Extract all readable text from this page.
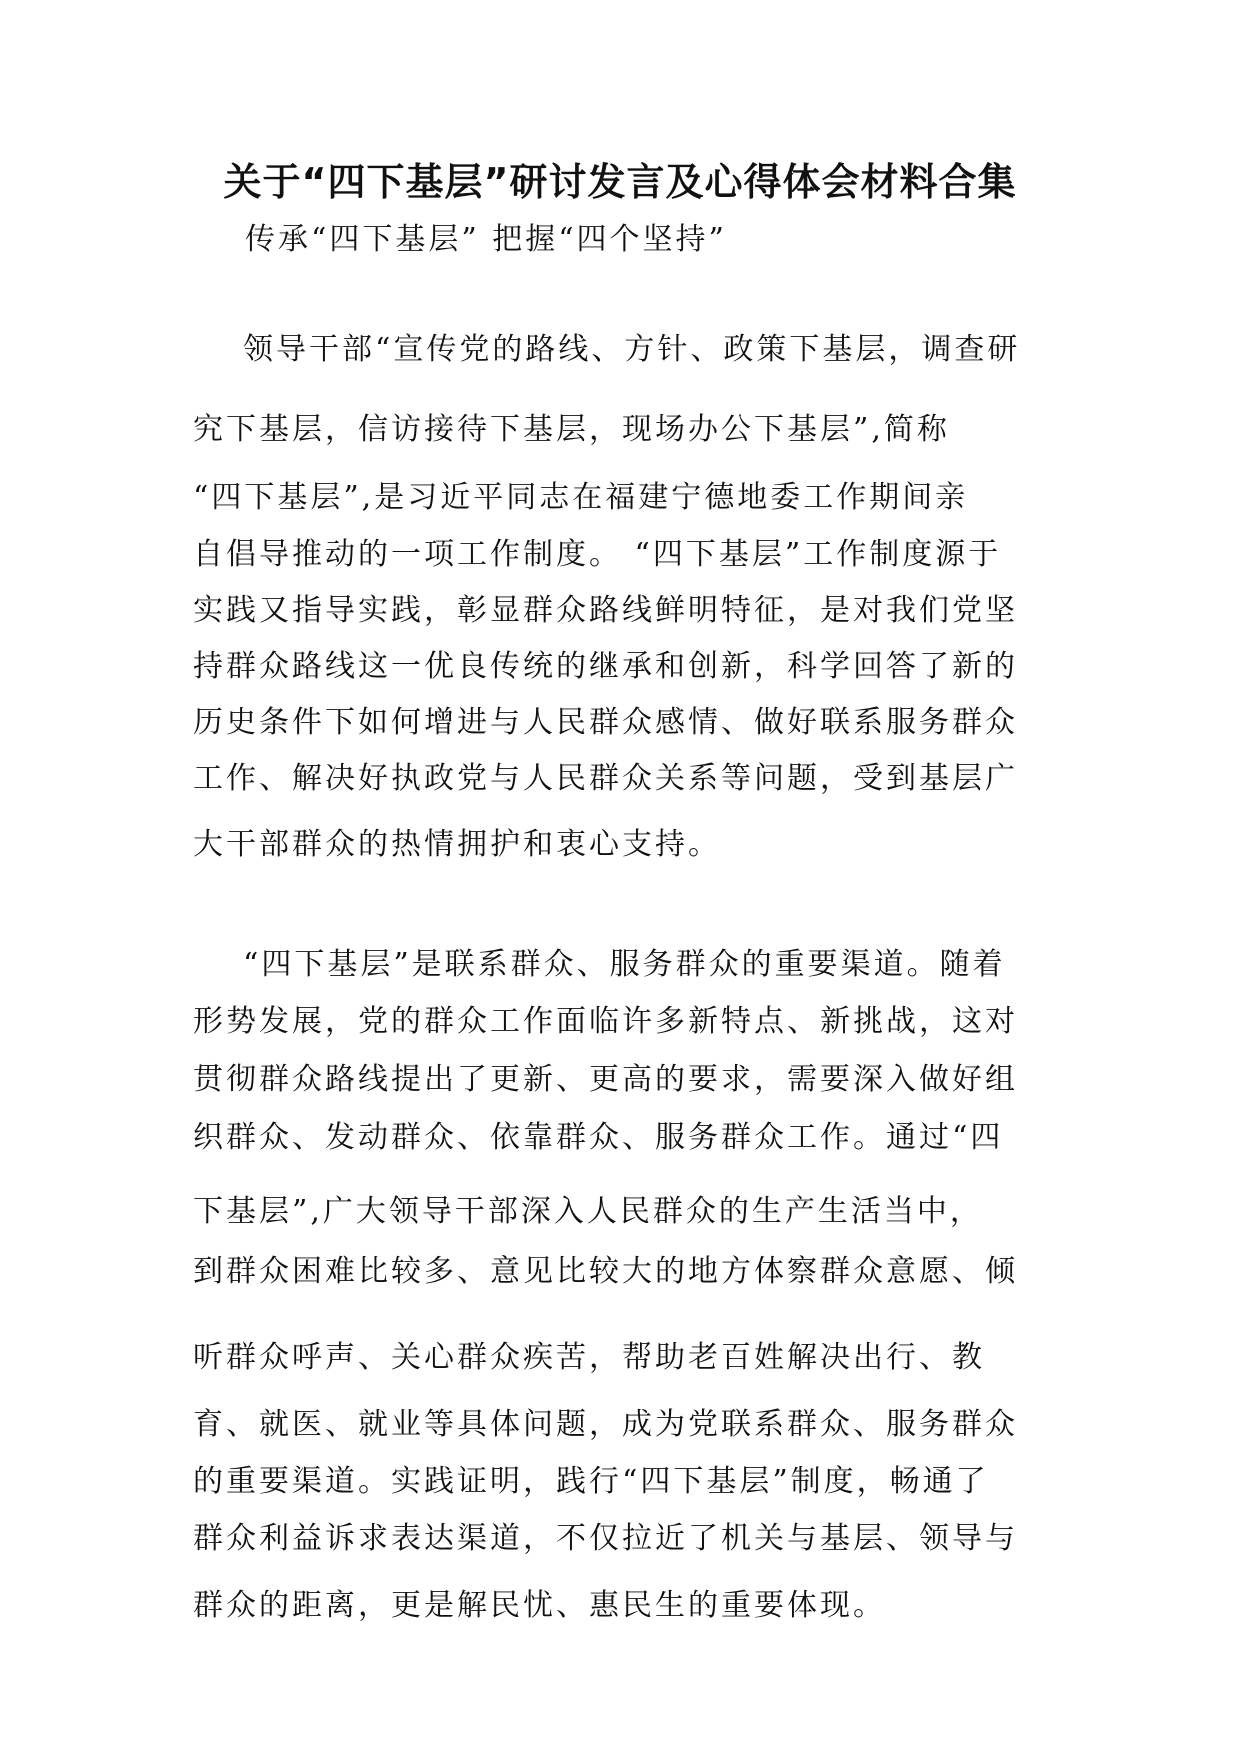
关于“四下基层”研讨发言及心得体会材料合集
传承“四下基层” 把握“四个坚持”
领导干部“宣传党的路线、方针、政策下基层，调查研
究下基层，信访接待下基层，现场办公下基层”,简称
“四下基层”,是习近平同志在福建宁德地委工作期间亲
自倡导推动的一项工作制度。 “四下基层”工作制度源于
实践又指导实践，彰显群众路线鲜明特征，是对我们党坚
持群众路线这一优良传统的继承和创新，科学回答了新的
历史条件下如何增进与人民群众感情、做好联系服务群众
工作、解决好执政党与人民群众关系等问题，受到基层广
大干部群众的热情拥护和衷心支持。
“四下基层”是联系群众、服务群众的重要渠道。随着
形势发展，党的群众工作面临许多新特点、新挑战，这对
贯彻群众路线提出了更新、更高的要求，需要深入做好组
织群众、发动群众、依靠群众、服务群众工作。通过“四
下基层”,广大领导干部深入人民群众的生产生活当中，
到群众困难比较多、意见比较大的地方体察群众意愿、倾
听群众呼声、关心群众疾苦，帮助老百姓解决出行、教
育、就医、就业等具体问题，成为党联系群众、服务群众
的重要渠道。实践证明，践行“四下基层”制度，畅通了
群众利益诉求表达渠道，不仅拉近了机关与基层、领导与
群众的距离，更是解民忧、惠民生的重要体现。
